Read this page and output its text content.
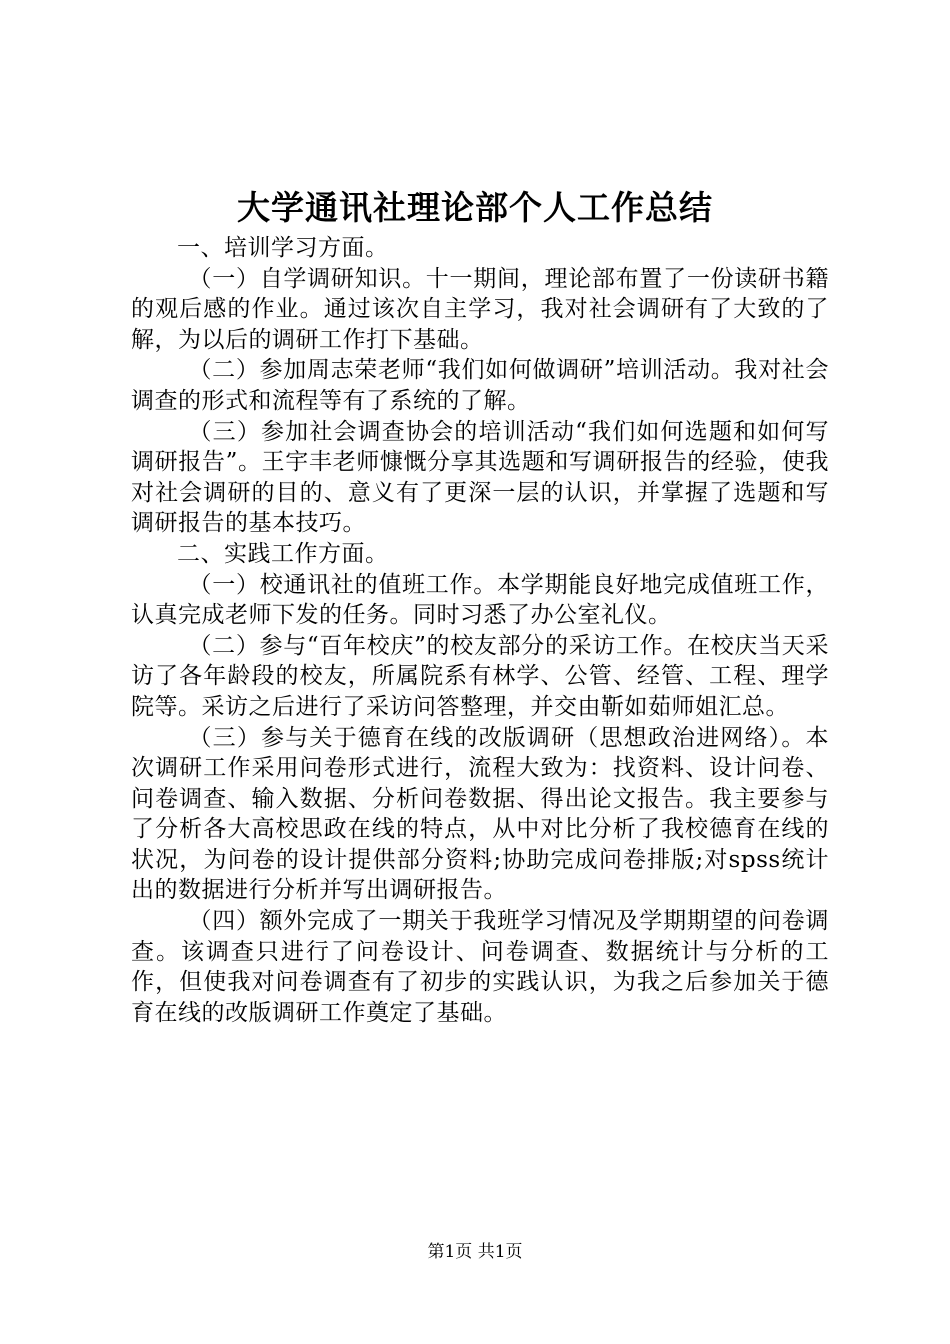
大学通讯社理论部个人工作总结

一、培训学习方面。

（一）自学调研知识。十一期间，理论部布置了一份读研书籍的观后感的作业。通过该次自主学习，我对社会调研有了大致的了解，为以后的调研工作打下基础。

（二）参加周志荣老师“我们如何做调研”培训活动。我对社会调查的形式和流程等有了系统的了解。

（三）参加社会调查协会的培训活动“我们如何选题和如何写调研报告”。王宇丰老师慷慨分享其选题和写调研报告的经验，使我对社会调研的目的、意义有了更深一层的认识，并掌握了选题和写调研报告的基本技巧。

二、实践工作方面。

（一）校通讯社的值班工作。本学期能良好地完成值班工作，认真完成老师下发的任务。同时习悉了办公室礼仪。

（二）参与“百年校庆”的校友部分的采访工作。在校庆当天采访了各年龄段的校友，所属院系有林学、公管、经管、工程、理学院等。采访之后进行了采访问答整理，并交由靳如茹师姐汇总。

（三）参与关于德育在线的改版调研（思想政治进网络）。本次调研工作采用问卷形式进行，流程大致为：找资料、设计问卷、问卷调查、输入数据、分析问卷数据、得出论文报告。我主要参与了分析各大高校思政在线的特点，从中对比分析了我校德育在线的状况，为问卷的设计提供部分资料;协助完成问卷排版;对spss统计出的数据进行分析并写出调研报告。

（四）额外完成了一期关于我班学习情况及学期期望的问卷调查。该调查只进行了问卷设计、问卷调查、数据统计与分析的工作，但使我对问卷调查有了初步的实践认识，为我之后参加关于德育在线的改版调研工作奠定了基础。

第1页 共1页
